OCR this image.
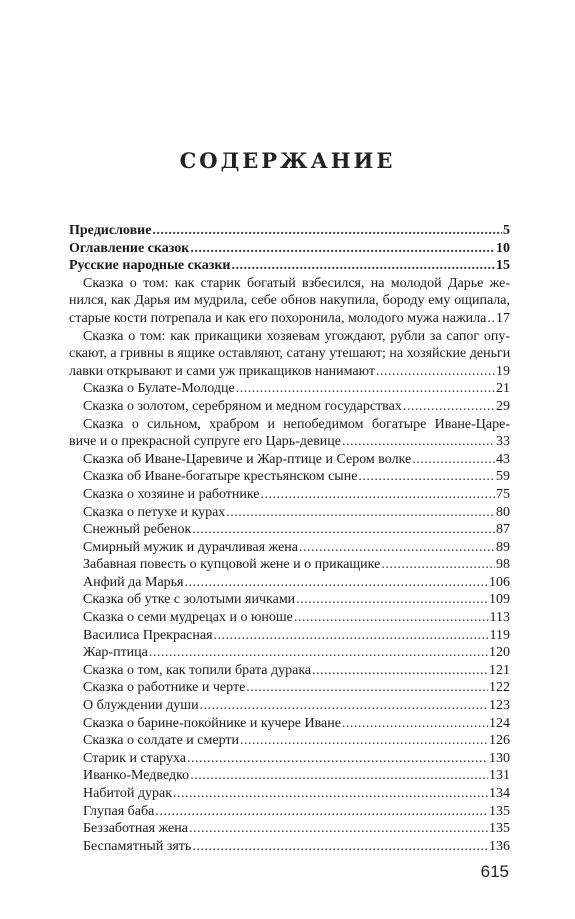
СОДЕРЖАНИЕ
Предисловие .....	5
Оглавление сказок .....	10
Русские народные сказки .....	15
Сказка о том: как старик богатый взбесился, на молодой Дарье же-
нился, как Дарья им мудрила, себе обнов накупила, бороду ему ощипала,
старые кости потрепала и как его похоронила, молодого мужа нажила ..... 17
Сказка о том: как прикащики хозяевам угождают, рубли за сапог опу-
скают, а гривны в ящике оставляют, сатану утешают; на хозяйские деньги
лавки открывают и сами уж прикащиков нанимают .....	19
Сказка о Булате-Молодце .....	21
Сказка о золотом, серебряном и медном государствах .....	29
Сказка о сильном, храбром и непобедимом богатыре Иване-Царе-
виче и о прекрасной супруге его Царь-девице .....	33
Сказка об Иване-Царевиче и Жар-птице и Сером волке .....	43
Сказка об Иване-богатыре крестьянском сыне .....	59
Сказка о хозяине и работнике .....	75
Сказка о петухе и курах .....	80
Снежный ребенок .....	87
Смирный мужик и дурачливая жена .....	89
Забавная повесть о купцовой жене и о прикащике .....	98
Анфий да Марья .....	106
Сказка об утке с золотыми яичками .....	109
Сказка о семи мудрецах и о юноше .....	113
Василиса Прекрасная .....	119
Жар-птица .....	120
Сказка о том, как топили брата дурака .....	121
Сказка о работнике и черте .....	122
О блуждении души .....	123
Сказка о барине-покойнике и кучере Иване .....	124
Сказка о солдате и смерти .....	126
Старик и старуха .....	130
Иванко-Медведко .....	131
Набитой дурак .....	134
Глупая баба .....	135
Беззаботная жена .....	135
Беспамятный зять .....	136
615
